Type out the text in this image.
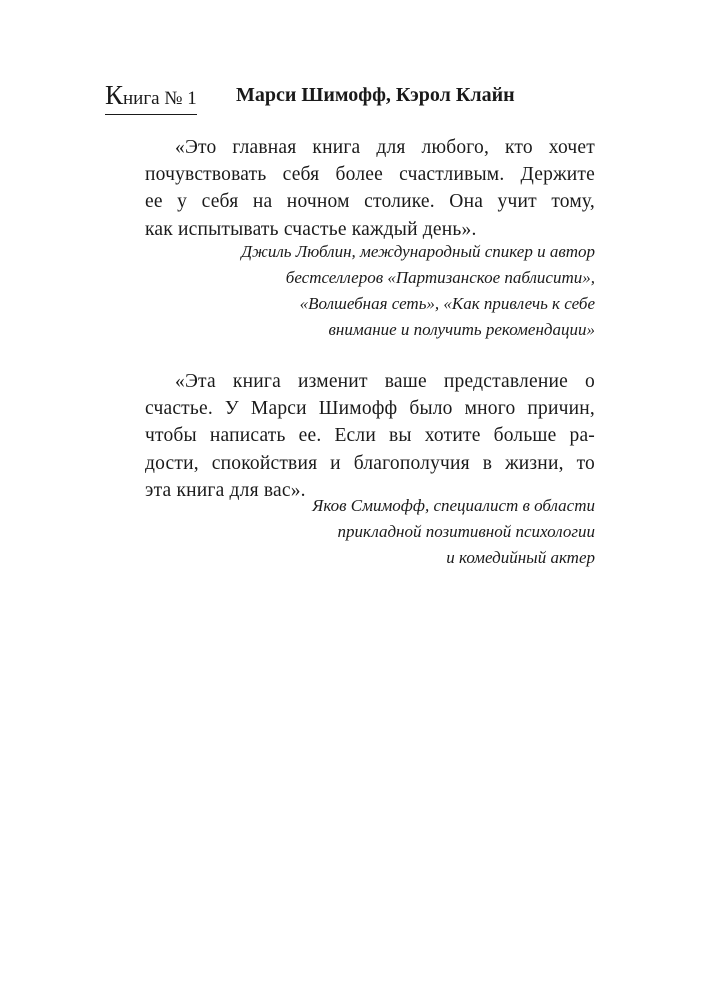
Книга № 1 Марси Шимофф, Кэрол Клайн
«Это главная книга для любого, кто хочет
почувствовать себя более счастливым. Держите
ее у себя на ночном столике. Она учит тому,
как испытывать счастье каждый день».
Джиль Люблин, международный спикер и автор
бестселлеров «Партизанское паблисити»,
«Волшебная сеть», «Как привлечь к себе
внимание и получить рекомендации»
«Эта книга изменит ваше представление о
счастье. У Марси Шимофф было много причин,
чтобы написать ее. Если вы хотите больше ра-
дости, спокойствия и благополучия в жизни, то
эта книга для вас».
Яков Смимофф, специалист в области
прикладной позитивной психологии
и комедийный актер
